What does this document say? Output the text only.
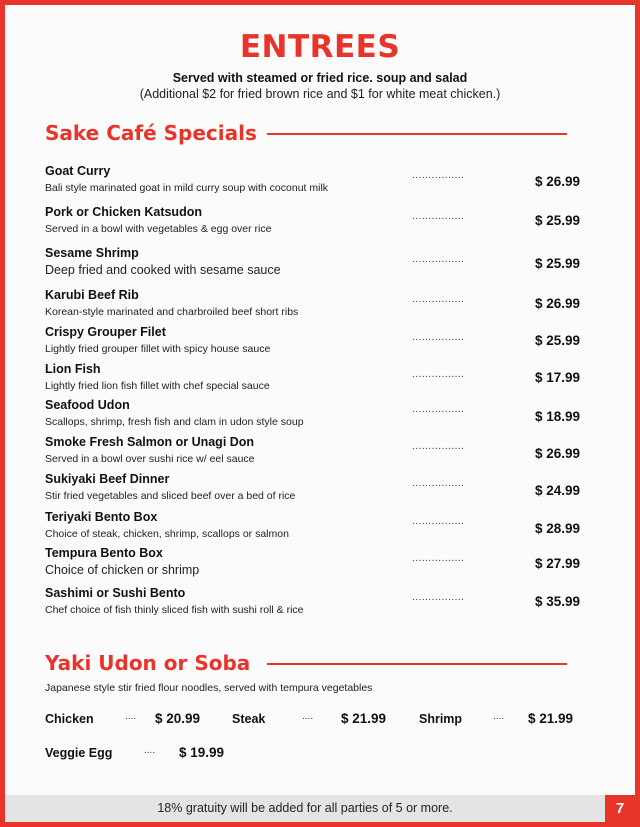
ENTREES
Served with steamed or fried rice. soup and salad
(Additional $2 for fried brown rice and $1 for white meat chicken.)
Sake Café Specials
Goat Curry
Bali style marinated goat in mild curry soup with coconut milk
................	$ 26.99
Pork or Chicken Katsudon
Served in a bowl with vegetables & egg over rice
................	$ 25.99
Sesame Shrimp
Deep fried and cooked with sesame sauce
................	$ 25.99
Karubi Beef Rib
Korean-style marinated and charbroiled beef short ribs
................	$ 26.99
Crispy Grouper Filet
Lightly fried grouper fillet with spicy house sauce
................	$ 25.99
Lion Fish
Lightly fried lion fish fillet with chef special sauce
................	$ 17.99
Seafood Udon
Scallops, shrimp, fresh fish and clam in udon style soup
................	$ 18.99
Smoke Fresh Salmon or Unagi Don
Served in a bowl over sushi rice w/ eel sauce
................	$ 26.99
Sukiyaki Beef Dinner
Stir fried vegetables and sliced beef over a bed of rice
................	$ 24.99
Teriyaki Bento Box
Choice of steak, chicken, shrimp, scallops or salmon
................	$ 28.99
Tempura Bento Box
Choice of chicken or shrimp
................	$ 27.99
Sashimi or Sushi Bento
Chef choice of fish thinly sliced fish with sushi roll & rice
................	$ 35.99
Yaki Udon or Soba
Japanese style stir fried flour noodles, served with tempura vegetables
Chicken	.... $ 20.99	Steak	.... $ 21.99	Shrimp	.... $ 21.99
Veggie Egg	.... $ 19.99
18% gratuity will be added for all parties of 5 or more.	7
